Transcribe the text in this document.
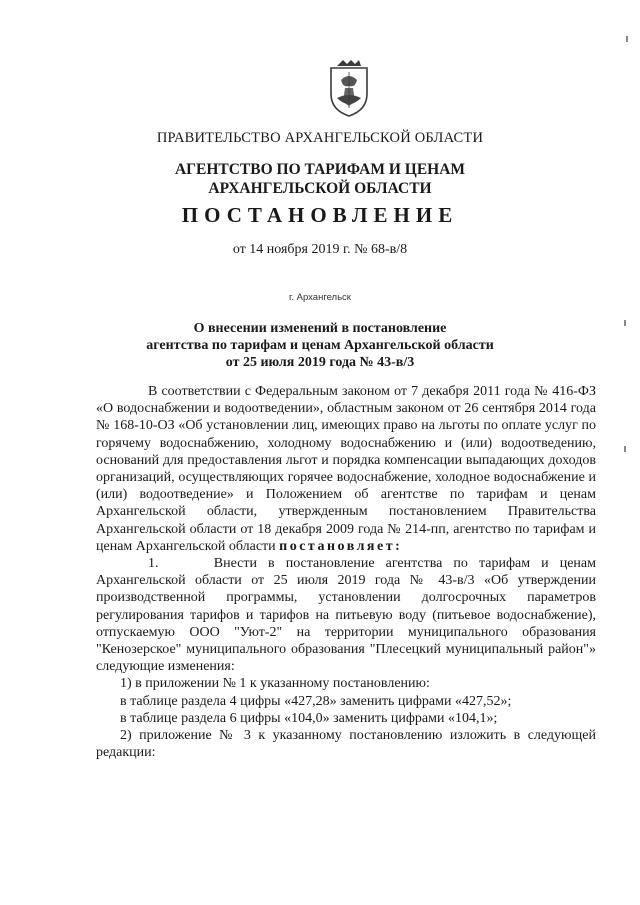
ПРАВИТЕЛЬСТВО АРХАНГЕЛЬСКОЙ ОБЛАСТИ
АГЕНТСТВО ПО ТАРИФАМ И ЦЕНАМ
АРХАНГЕЛЬСКОЙ ОБЛАСТИ
ПОСТАНОВЛЕНИЕ
от 14 ноября 2019 г. № 68-в/8
г. Архангельск
О внесении изменений в постановление
агентства по тарифам и ценам Архангельской области
от 25 июля 2019 года № 43-в/3

В соответствии с Федеральным законом от 7 декабря 2011 года № 416-ФЗ «О водоснабжении и водоотведении», областным законом от 26 сентября 2014 года № 168-10-ОЗ «Об установлении лиц, имеющих право на льготы по оплате услуг по горячему водоснабжению, холодному водоснабжению и (или) водоотведению, оснований для предоставления льгот и порядка компенсации выпадающих доходов организаций, осуществляющих горячее водоснабжение, холодное водоснабжение и (или) водоотведение» и Положением об агентстве по тарифам и ценам Архангельской области, утвержденным постановлением Правительства Архангельской области от 18 декабря 2009 года № 214-пп, агентство по тарифам и ценам Архангельской области постановляет:

1.     Внести в постановление агентства по тарифам и ценам Архангельской области от 25 июля 2019 года № 43-в/3 «Об утверждении производственной программы, установлении долгосрочных параметров регулирования тарифов и тарифов на питьевую воду (питьевое водоснабжение), отпускаемую ООО "Уют-2" на территории муниципального образования "Кенозерское" муниципального образования "Плесецкий муниципальный район"» следующие изменения:

1) в приложении № 1 к указанному постановлению:

в таблице раздела 4 цифры «427,28» заменить цифрами «427,52»;

в таблице раздела 6 цифры «104,0» заменить цифрами «104,1»;

2) приложение № 3 к указанному постановлению изложить в следующей редакции:
